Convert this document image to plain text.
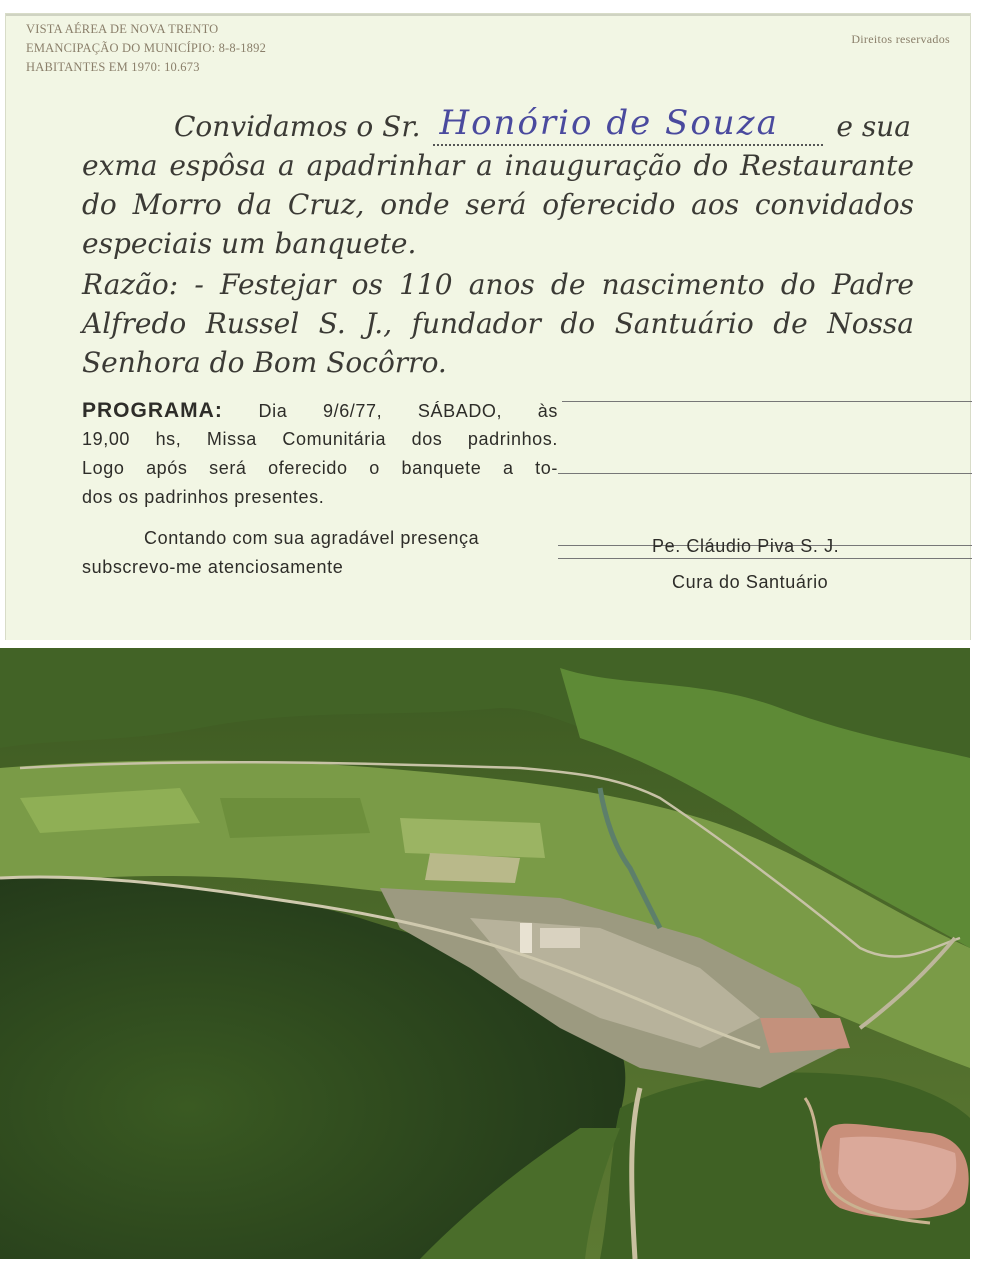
VISTA AÉREA DE NOVA TRENTO
EMANCIPAÇÃO DO MUNICÍPIO: 8-8-1892
HABITANTES EM 1970: 10.673
Direitos reservados
Convidamos o Sr. Honório de Souza e sua
exma espôsa a apadrinhar a inauguração do Restaurante
do Morro da Cruz, onde será oferecido aos convidados
especiais um banquete.
Razão: - Festejar os 110 anos de nascimento do Padre
Alfredo Russel S. J., fundador do Santuário de Nossa
Senhora do Bom Socôrro.
PROGRAMA: Dia 9/6/77, SÁBADO, às
19,00 hs, Missa Comunitária dos padrinhos.
Logo após será oferecido o banquete a to-
dos os padrinhos presentes.
Contando com sua agradável presença
subscrevo-me atenciosamente
Pe. Cláudio Piva S. J.
Cura do Santuário
